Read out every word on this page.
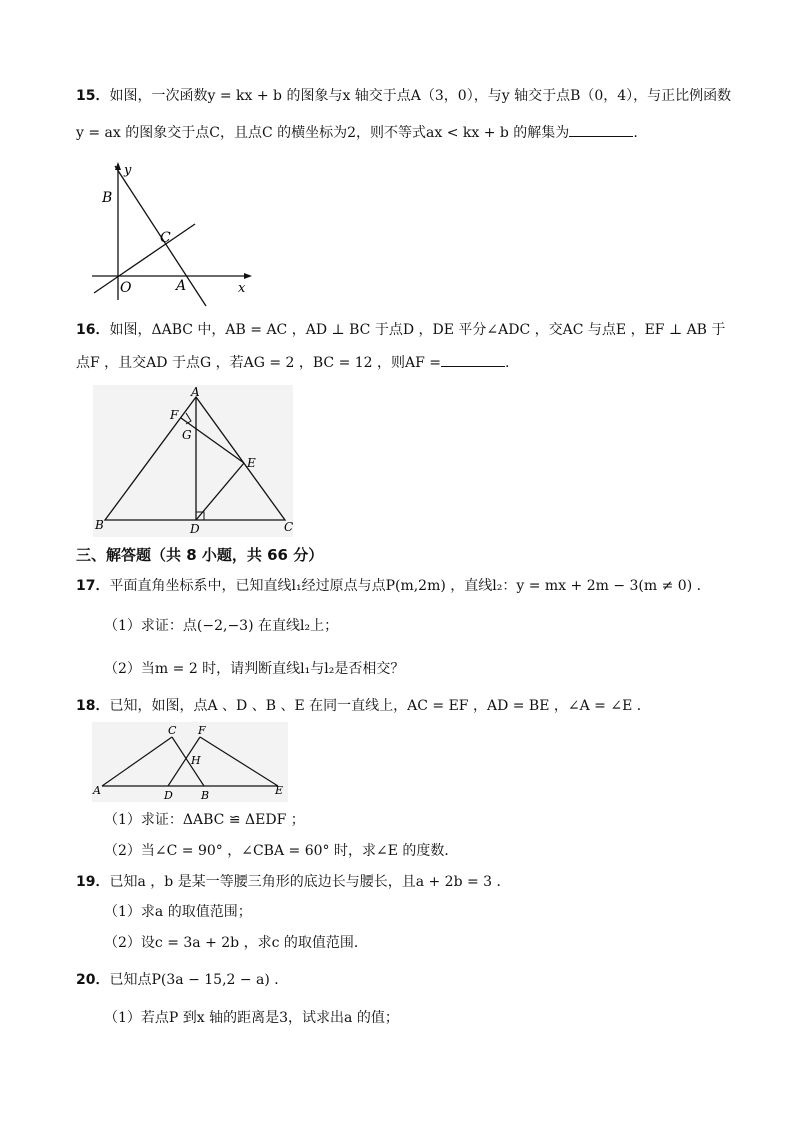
15．如图，一次函数y = kx + b 的图象与x 轴交于点A（3，0），与y 轴交于点B（0，4），与正比例函数
y = ax 的图象交于点C，且点C 的横坐标为2，则不等式ax < kx + b 的解集为	.
y
B
C
O	A	x
16．如图，ΔABC 中，AB = AC ，AD ⊥ BC 于点D ，DE 平分∠ADC ，交AC 与点E ，EF ⊥ AB 于
点F ，且交AD 于点G ，若AG = 2 ，BC = 12 ，则AF =	.
A
F
G
E
B	D	C
三、解答题（共 8 小题，共 66 分）
17．平面直角坐标系中，已知直线l₁经过原点与点P(m,2m) ，直线l₂：y = mx + 2m − 3(m ≠ 0) ．
（1）求证：点(−2,−3) 在直线l₂上；
（2）当m = 2 时，请判断直线l₁与l₂是否相交？
18．已知，如图，点A 、D 、B 、E 在同一直线上，AC = EF ，AD = BE ，∠A = ∠E ．
C F
H
A	D	B	E
（1）求证：ΔABC ≌ ΔEDF ；
（2）当∠C = 90° ，∠CBA = 60° 时，求∠E 的度数．
19．已知a ，b 是某一等腰三角形的底边长与腰长，且a + 2b = 3 ．
（1）求a 的取值范围；
（2）设c = 3a + 2b ，求c 的取值范围．
20．已知点P(3a − 15,2 − a) ．
（1）若点P 到x 轴的距离是3，试求出a 的值；
